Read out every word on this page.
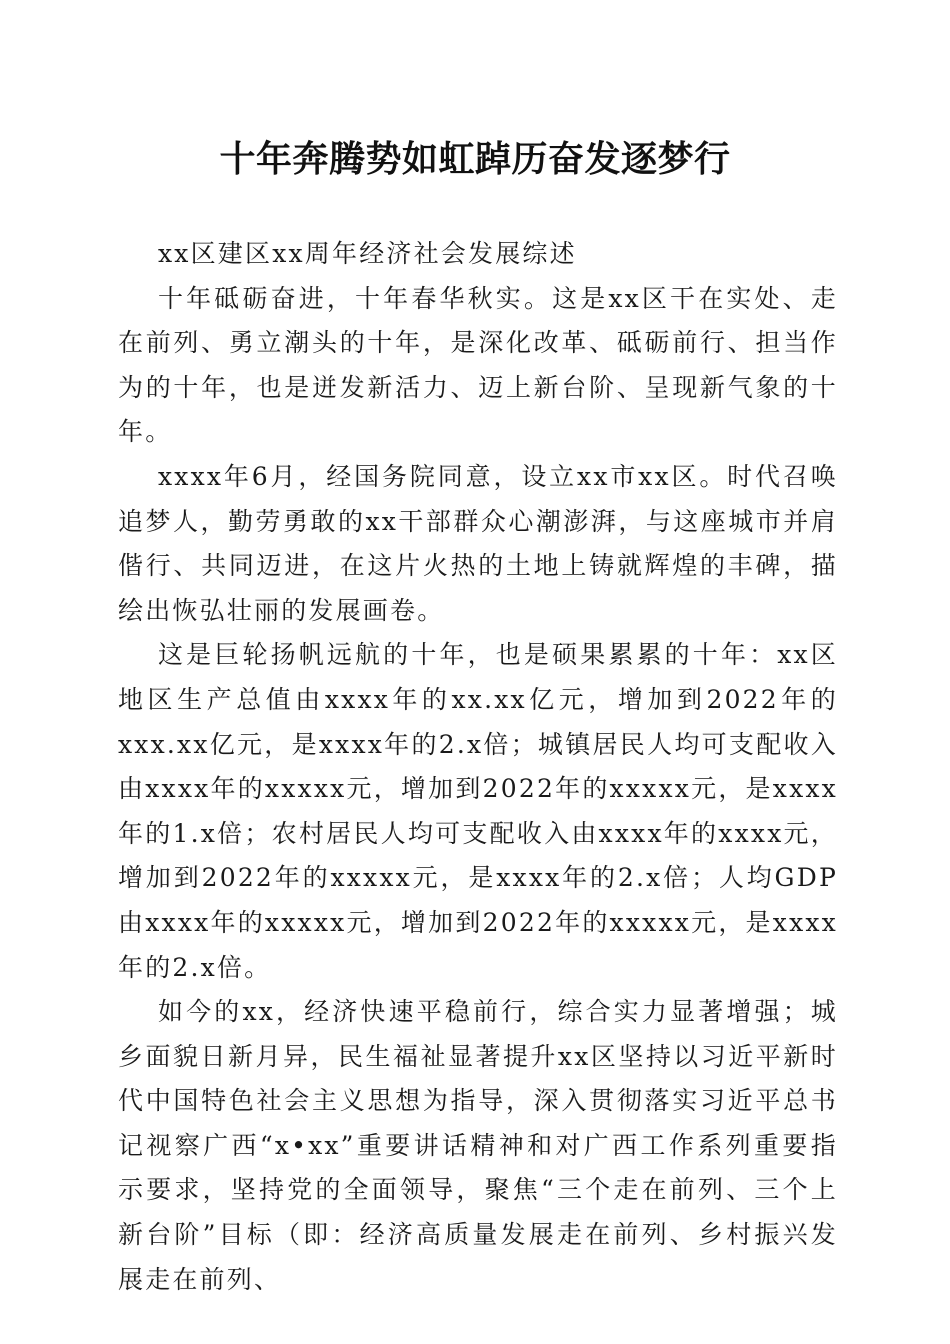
十年奔腾势如虹踔历奋发逐梦行

xx区建区xx周年经济社会发展综述

十年砥砺奋进，十年春华秋实。这是xx区干在实处、走在前列、勇立潮头的十年，是深化改革、砥砺前行、担当作为的十年，也是迸发新活力、迈上新台阶、呈现新气象的十年。

xxxx年6月，经国务院同意，设立xx市xx区。时代召唤追梦人，勤劳勇敢的xx干部群众心潮澎湃，与这座城市并肩偕行、共同迈进，在这片火热的土地上铸就辉煌的丰碑，描绘出恢弘壮丽的发展画卷。

这是巨轮扬帆远航的十年，也是硕果累累的十年：xx区地区生产总值由xxxx年的xx.xx亿元，增加到2022年的xxx.xx亿元，是xxxx年的2.x倍；城镇居民人均可支配收入由xxxx年的xxxxx元，增加到2022年的xxxxx元，是xxxx年的1.x倍；农村居民人均可支配收入由xxxx年的xxxx元，增加到2022年的xxxxx元，是xxxx年的2.x倍；人均GDP由xxxx年的xxxxx元，增加到2022年的xxxxx元，是xxxx年的2.x倍。

如今的xx，经济快速平稳前行，综合实力显著增强；城乡面貌日新月异，民生福祉显著提升xx区坚持以习近平新时代中国特色社会主义思想为指导，深入贯彻落实习近平总书记视察广西“x•xx”重要讲话精神和对广西工作系列重要指示要求，坚持党的全面领导，聚焦“三个走在前列、三个上新台阶”目标（即：经济高质量发展走在前列、乡村振兴发展走在前列、
